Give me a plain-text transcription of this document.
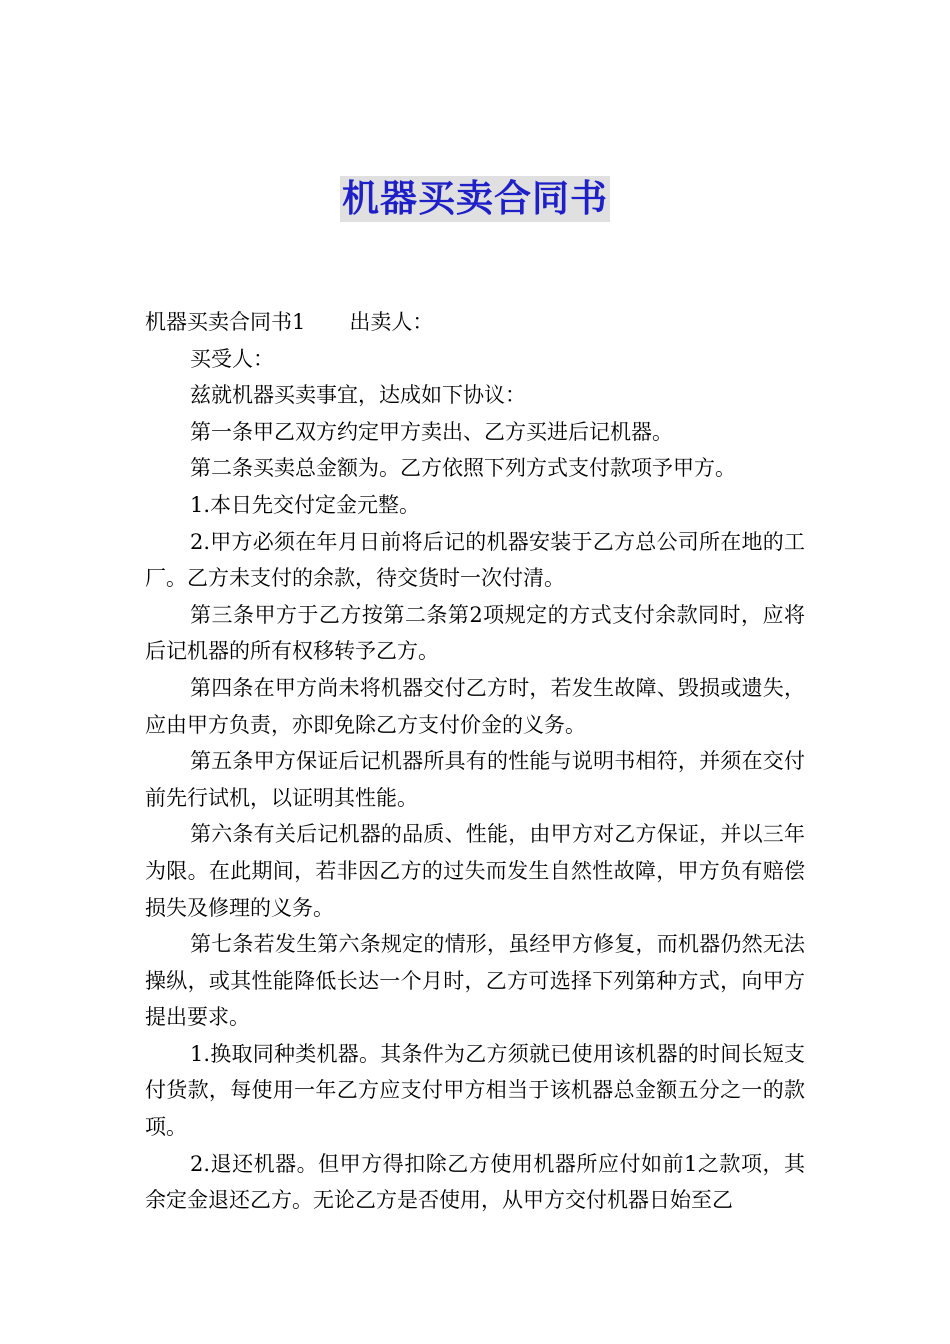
机器买卖合同书

机器买卖合同书1 出卖人：

买受人：

兹就机器买卖事宜，达成如下协议：

第一条甲乙双方约定甲方卖出、乙方买进后记机器。

第二条买卖总金额为。乙方依照下列方式支付款项予甲方。

1.本日先交付定金元整。

2.甲方必须在年月日前将后记的机器安装于乙方总公司所在地的工厂。乙方未支付的余款，待交货时一次付清。

第三条甲方于乙方按第二条第2项规定的方式支付余款同时，应将后记机器的所有权移转予乙方。

第四条在甲方尚未将机器交付乙方时，若发生故障、毁损或遗失，应由甲方负责，亦即免除乙方支付价金的义务。

第五条甲方保证后记机器所具有的性能与说明书相符，并须在交付前先行试机，以证明其性能。

第六条有关后记机器的品质、性能，由甲方对乙方保证，并以三年为限。在此期间，若非因乙方的过失而发生自然性故障，甲方负有赔偿损失及修理的义务。

第七条若发生第六条规定的情形，虽经甲方修复，而机器仍然无法操纵，或其性能降低长达一个月时，乙方可选择下列第种方式，向甲方提出要求。

1.换取同种类机器。其条件为乙方须就已使用该机器的时间长短支付货款，每使用一年乙方应支付甲方相当于该机器总金额五分之一的款项。

2.退还机器。但甲方得扣除乙方使用机器所应付如前1之款项，其余定金退还乙方。无论乙方是否使用，从甲方交付机器日始至乙
